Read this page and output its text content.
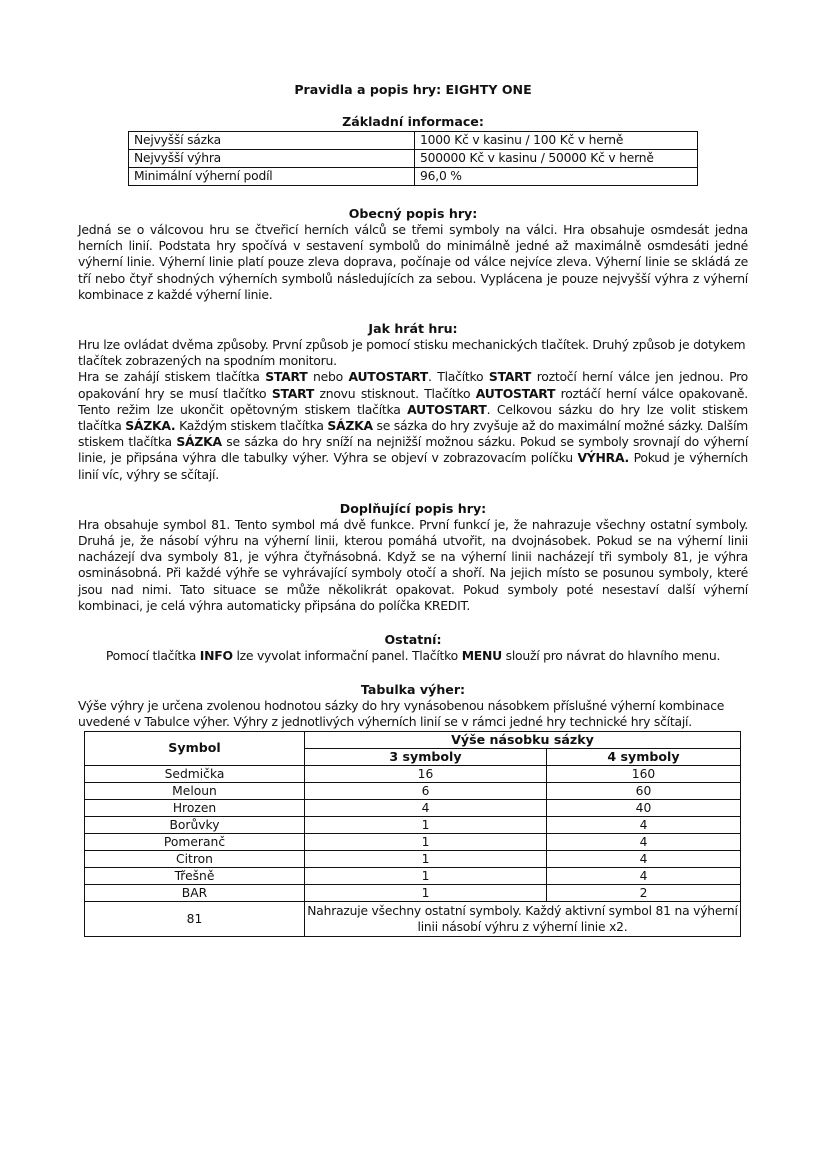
Pravidla a popis hry: EIGHTY ONE
Základní informace:
Nejvyšší sázka	1000 Kč v kasinu / 100 Kč v herně
Nejvyšší výhra	500000 Kč v kasinu / 50000 Kč v herně
Minimální výherní podíl	96,0 %
Obecný popis hry:

Jedná se o válcovou hru se čtveřicí herních válců se třemi symboly na válci. Hra obsahuje osmdesát jedna herních linií. Podstata hry spočívá v sestavení symbolů do minimálně jedné až maximálně osmdesáti jedné výherní linie. Výherní linie platí pouze zleva doprava, počínaje od válce nejvíce zleva. Výherní linie se skládá ze tří nebo čtyř shodných výherních symbolů následujících za sebou. Vyplácena je pouze nejvyšší výhra z výherní kombinace z každé výherní linie.

Jak hrát hru:

Hru lze ovládat dvěma způsoby. První způsob je pomocí stisku mechanických tlačítek. Druhý způsob je dotykem tlačítek zobrazených na spodním monitoru.

Hra se zahájí stiskem tlačítka START nebo AUTOSTART. Tlačítko START roztočí herní válce jen jednou. Pro opakování hry se musí tlačítko START znovu stisknout. Tlačítko AUTOSTART roztáčí herní válce opakovaně. Tento režim lze ukončit opětovným stiskem tlačítka AUTOSTART. Celkovou sázku do hry lze volit stiskem tlačítka SÁZKA. Každým stiskem tlačítka SÁZKA se sázka do hry zvyšuje až do maximální možné sázky. Dalším stiskem tlačítka SÁZKA se sázka do hry sníží na nejnižší možnou sázku. Pokud se symboly srovnají do výherní linie, je připsána výhra dle tabulky výher. Výhra se objeví v zobrazovacím políčku VÝHRA. Pokud je výherních linií víc, výhry se sčítají.

Doplňující popis hry:

Hra obsahuje symbol 81. Tento symbol má dvě funkce. První funkcí je, že nahrazuje všechny ostatní symboly. Druhá je, že násobí výhru na výherní linii, kterou pomáhá utvořit, na dvojnásobek. Pokud se na výherní linii nacházejí dva symboly 81, je výhra čtyřnásobná. Když se na výherní linii nacházejí tři symboly 81, je výhra osminásobná. Při každé výhře se vyhrávající symboly otočí a shoří. Na jejich místo se posunou symboly, které jsou nad nimi. Tato situace se může několikrát opakovat. Pokud symboly poté nesestaví další výherní kombinaci, je celá výhra automaticky připsána do políčka KREDIT.

Ostatní:

Pomocí tlačítka INFO lze vyvolat informační panel. Tlačítko MENU slouží pro návrat do hlavního menu.

Tabulka výher:

Výše výhry je určena zvolenou hodnotou sázky do hry vynásobenou násobkem příslušné výherní kombinace uvedené v Tabulce výher. Výhry z jednotlivých výherních linií se v rámci jedné hry technické hry sčítají.

Symbol	Výše násobku sázky	
	3 symboly	4 symboly
Sedmička	16	160
Meloun	6	60
Hrozen	4	40
Borůvky	1	4
Pomeranč	1	4
Citron	1	4
Třešně	1	4
BAR	1	2
81	Nahrazuje všechny ostatní symboly. Každý aktivní symbol 81 na výherní linii násobí výhru z výherní linie x2.	
